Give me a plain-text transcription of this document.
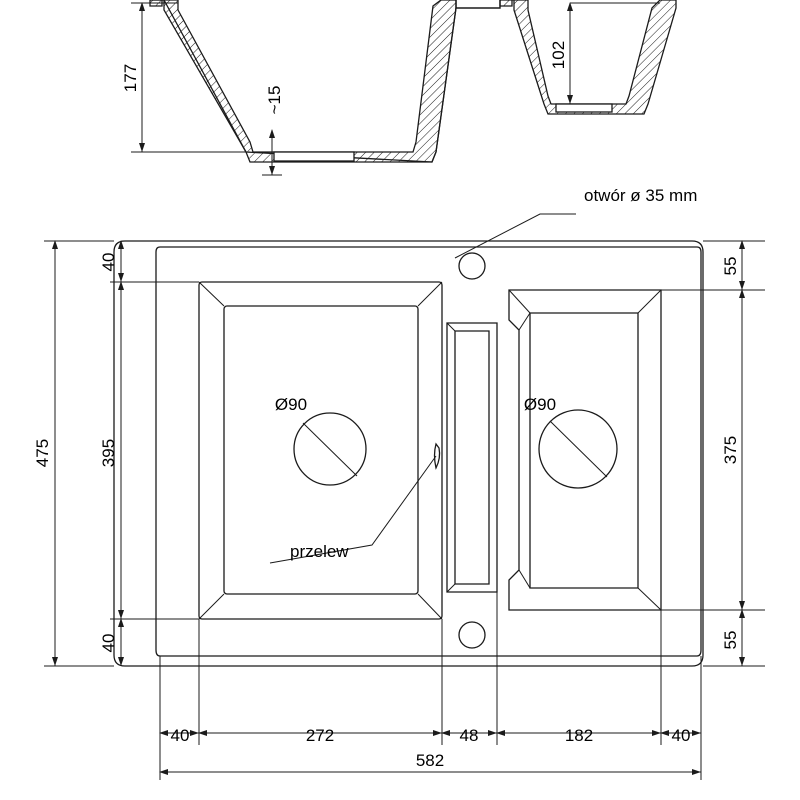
177
102
~15
Ø90	Ø90
otwór ø 35 mm
przelew
475	395
40
40
55
375
55
40	272	48	182	40
582
